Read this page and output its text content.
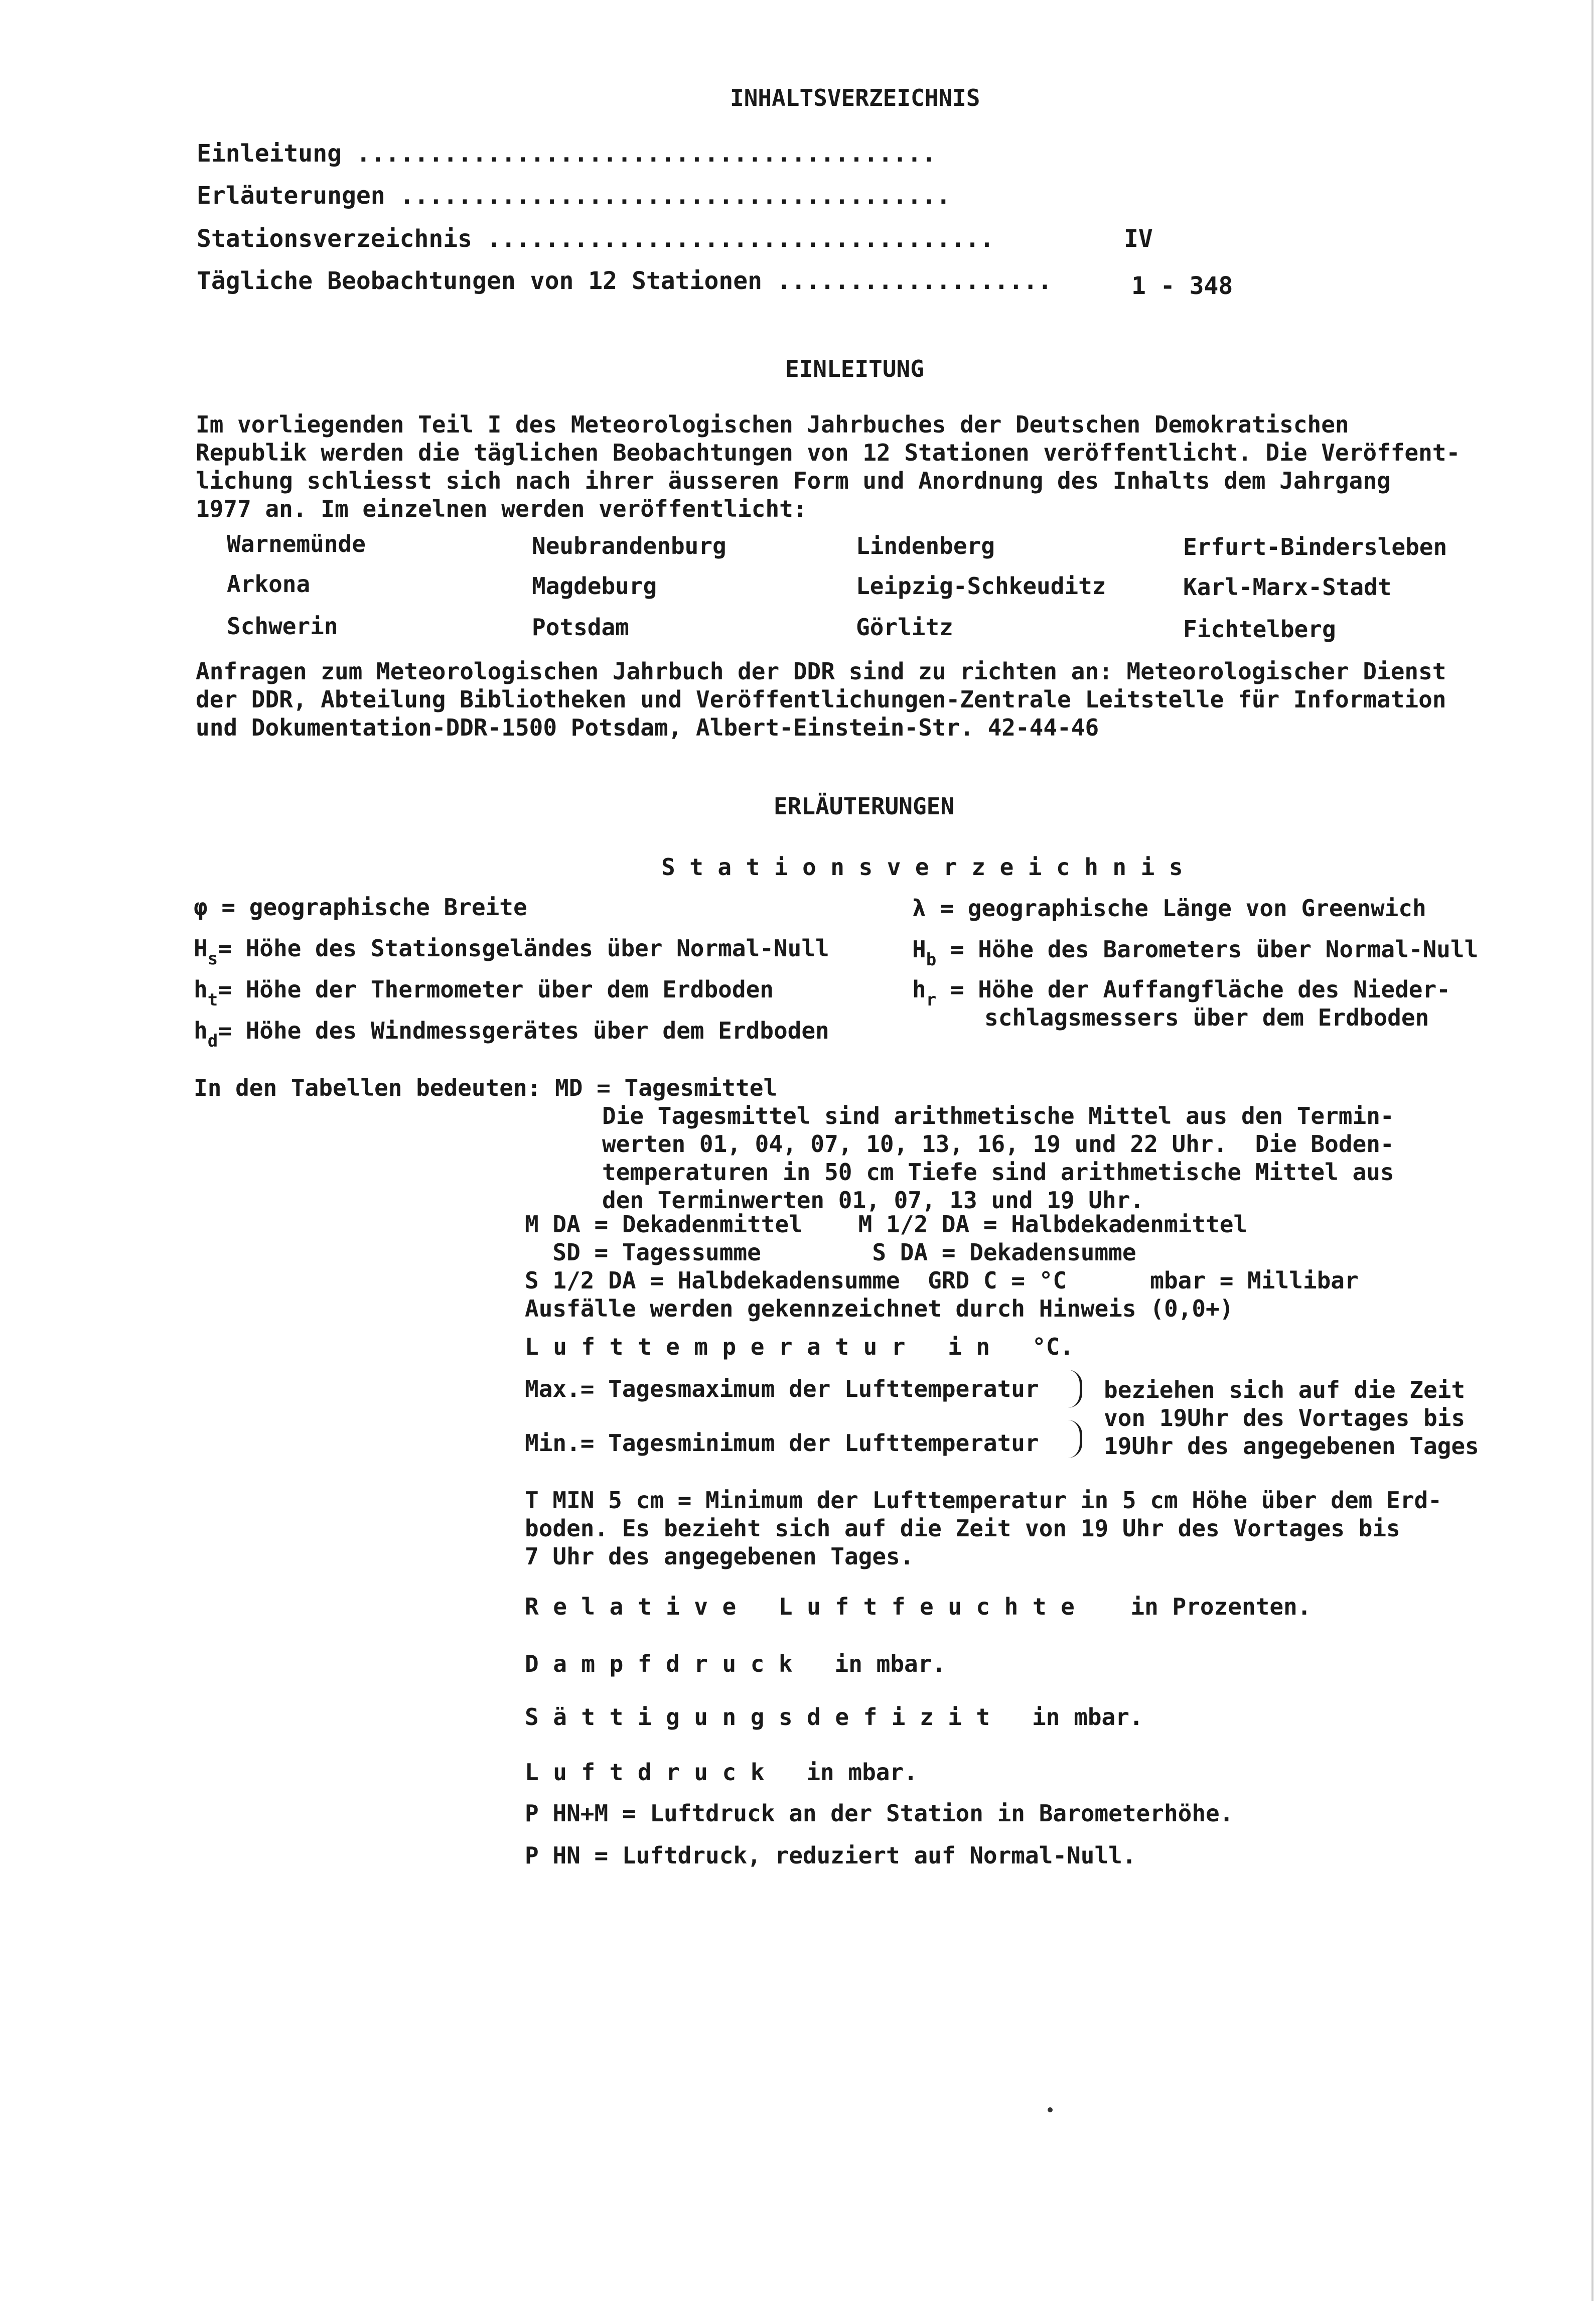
INHALTSVERZEICHNIS
Einleitung ........................................
Erläuterungen ......................................
Stationsverzeichnis ...................................	IV
Tägliche Beobachtungen von 12 Stationen ...................	1 - 348
EINLEITUNG
Im vorliegenden Teil I des Meteorologischen Jahrbuches der Deutschen Demokratischen
Republik werden die täglichen Beobachtungen von 12 Stationen veröffentlicht. Die Veröffent-
lichung schliesst sich nach ihrer äusseren Form und Anordnung des Inhalts dem Jahrgang
1977 an. Im einzelnen werden veröffentlicht:
Warnemünde	Neubrandenburg	Lindenberg	Erfurt-Bindersleben
Arkona	Magdeburg	Leipzig-Schkeuditz	Karl-Marx-Stadt
Schwerin	Potsdam	Görlitz	Fichtelberg
Anfragen zum Meteorologischen Jahrbuch der DDR sind zu richten an: Meteorologischer Dienst
der DDR, Abteilung Bibliotheken und Veröffentlichungen-Zentrale Leitstelle für Information
und Dokumentation-DDR-1500 Potsdam, Albert-Einstein-Str. 42-44-46
ERLÄUTERUNGEN
Stationsverzeichnis
φ = geographische Breite	λ = geographische Länge von Greenwich
$H_s=$ Höhe des Stationsgeländes über Normal-Null	$H_b$ = Höhe des Barometers über Normal-Null
$h_t=$ Höhe der Thermometer über dem Erdboden	$h_r$ = Höhe der Auffangfläche des Nieder-
schlagsmessers über dem Erdboden
$h_d=$ Höhe des Windmessgerätes über dem Erdboden
In den Tabellen bedeuten: MD = Tagesmittel
Die Tagesmittel sind arithmetische Mittel aus den Termin-
werten 01, 04, 07, 10, 13, 16, 19 und 22 Uhr.  Die Boden-
temperaturen in 50 cm Tiefe sind arithmetische Mittel aus
den Terminwerten 01, 07, 13 und 19 Uhr.
M DA = Dekadenmittel    M 1/2 DA = Halbdekadenmittel
SD = Tagessumme        S DA = Dekadensumme
S 1/2 DA = Halbdekadensumme  GRD C = °C      mbar = Millibar
Ausfälle werden gekennzeichnet durch Hinweis (0,0+)
Lufttemperatur in °C.
Max.= Tagesmaximum der Lufttemperatur
Min.= Tagesminimum der Lufttemperatur
beziehen sich auf die Zeit
von 19Uhr des Vortages bis
19Uhr des angegebenen Tages
T MIN 5 cm = Minimum der Lufttemperatur in 5 cm Höhe über dem Erd-
boden. Es bezieht sich auf die Zeit von 19 Uhr des Vortages bis
7 Uhr des angegebenen Tages.
Relative Luftfeuchte in Prozenten.
Dampfdruck in mbar.
Sättigungsdefizit in mbar.
Luftdruck in mbar.
P HN+M = Luftdruck an der Station in Barometerhöhe.
P HN = Luftdruck, reduziert auf Normal-Null.
